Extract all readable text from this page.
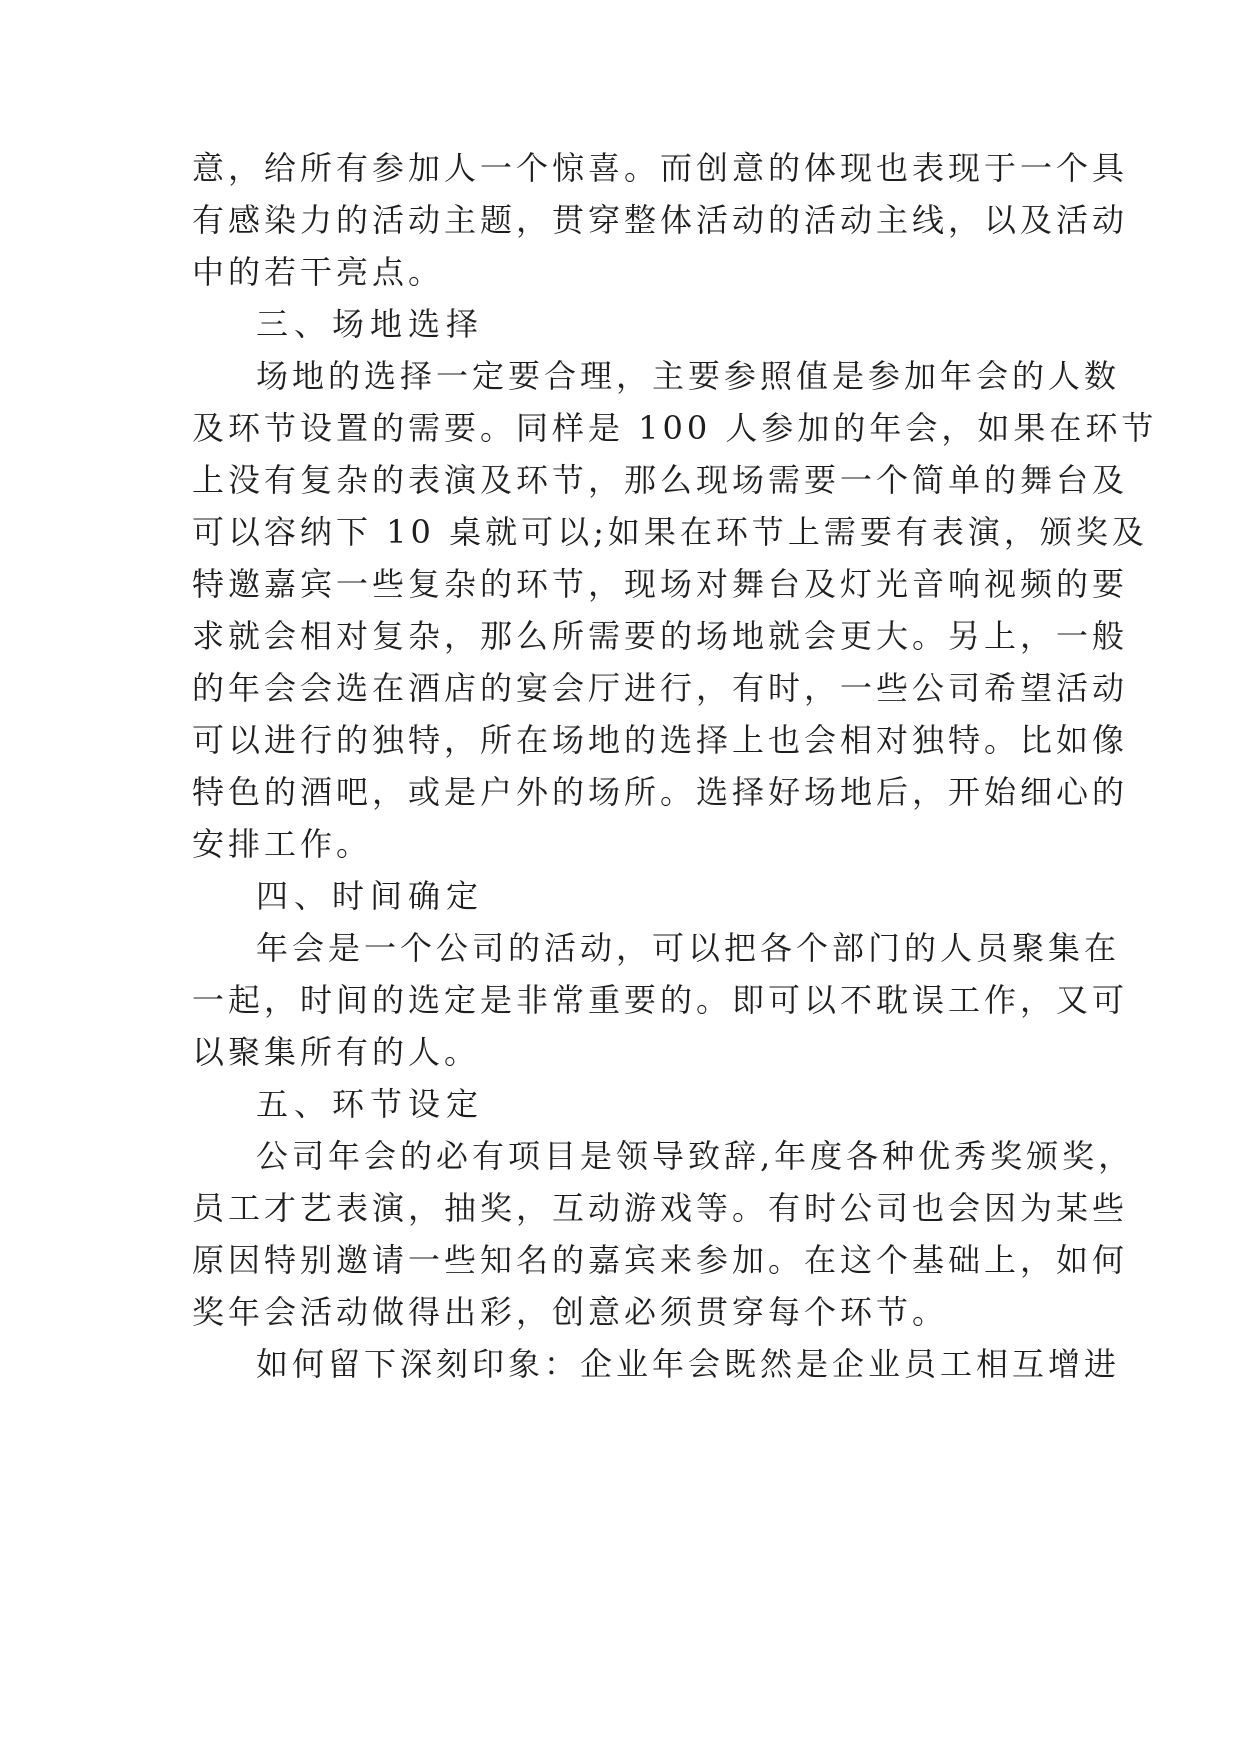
意，给所有参加人一个惊喜。而创意的体现也表现于一个具
有感染力的活动主题，贯穿整体活动的活动主线，以及活动
中的若干亮点。
三、场地选择
场地的选择一定要合理，主要参照值是参加年会的人数
及环节设置的需要。同样是 100 人参加的年会，如果在环节
上没有复杂的表演及环节，那么现场需要一个简单的舞台及
可以容纳下 10 桌就可以;如果在环节上需要有表演，颁奖及
特邀嘉宾一些复杂的环节，现场对舞台及灯光音响视频的要
求就会相对复杂，那么所需要的场地就会更大。另上，一般
的年会会选在酒店的宴会厅进行，有时，一些公司希望活动
可以进行的独特，所在场地的选择上也会相对独特。比如像
特色的酒吧，或是户外的场所。选择好场地后，开始细心的
安排工作。
四、时间确定
年会是一个公司的活动，可以把各个部门的人员聚集在
一起，时间的选定是非常重要的。即可以不耽误工作，又可
以聚集所有的人。
五、环节设定
公司年会的必有项目是领导致辞,年度各种优秀奖颁奖，
员工才艺表演，抽奖，互动游戏等。有时公司也会因为某些
原因特别邀请一些知名的嘉宾来参加。在这个基础上，如何
奖年会活动做得出彩，创意必须贯穿每个环节。
如何留下深刻印象：企业年会既然是企业员工相互增进
